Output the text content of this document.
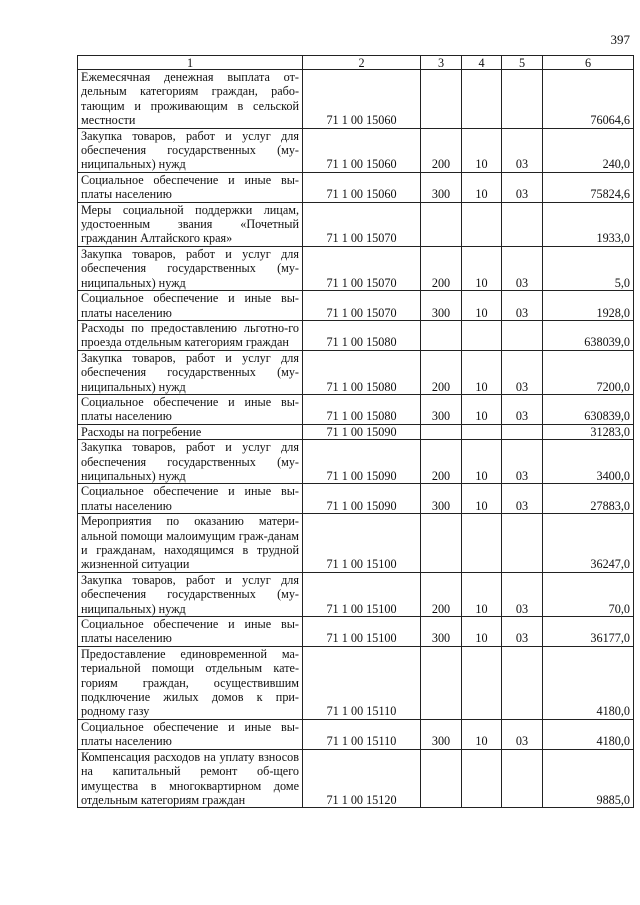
397
1	2	3	4	5	6
Ежемесячная денежная выплата от-дельным категориям граждан, рабо-тающим и проживающим в сельской местности	71 1 00 15060				76064,6
Закупка товаров, работ и услуг для обеспечения государственных (му-ниципальных) нужд	71 1 00 15060	200	10	03	240,0
Социальное обеспечение и иные вы-платы населению	71 1 00 15060	300	10	03	75824,6
Меры социальной поддержки лицам, удостоенным звания «Почетный гражданин Алтайского края»	71 1 00 15070				1933,0
Закупка товаров, работ и услуг для обеспечения государственных (му-ниципальных) нужд	71 1 00 15070	200	10	03	5,0
Социальное обеспечение и иные вы-платы населению	71 1 00 15070	300	10	03	1928,0
Расходы по предоставлению льготно-го проезда отдельным категориям граждан	71 1 00 15080				638039,0
Закупка товаров, работ и услуг для обеспечения государственных (му-ниципальных) нужд	71 1 00 15080	200	10	03	7200,0
Социальное обеспечение и иные вы-платы населению	71 1 00 15080	300	10	03	630839,0
Расходы на погребение	71 1 00 15090				31283,0
Закупка товаров, работ и услуг для обеспечения государственных (му-ниципальных) нужд	71 1 00 15090	200	10	03	3400,0
Социальное обеспечение и иные вы-платы населению	71 1 00 15090	300	10	03	27883,0
Мероприятия по оказанию матери-альной помощи малоимущим граж-данам и гражданам, находящимся в трудной жизненной ситуации	71 1 00 15100				36247,0
Закупка товаров, работ и услуг для обеспечения государственных (му-ниципальных) нужд	71 1 00 15100	200	10	03	70,0
Социальное обеспечение и иные вы-платы населению	71 1 00 15100	300	10	03	36177,0
Предоставление единовременной ма-териальной помощи отдельным кате-гориям граждан, осуществившим подключение жилых домов к при-родному газу	71 1 00 15110				4180,0
Социальное обеспечение и иные вы-платы населению	71 1 00 15110	300	10	03	4180,0
Компенсация расходов на уплату взносов на капитальный ремонт об-щего имущества в многоквартирном доме отдельным категориям граждан	71 1 00 15120				9885,0
